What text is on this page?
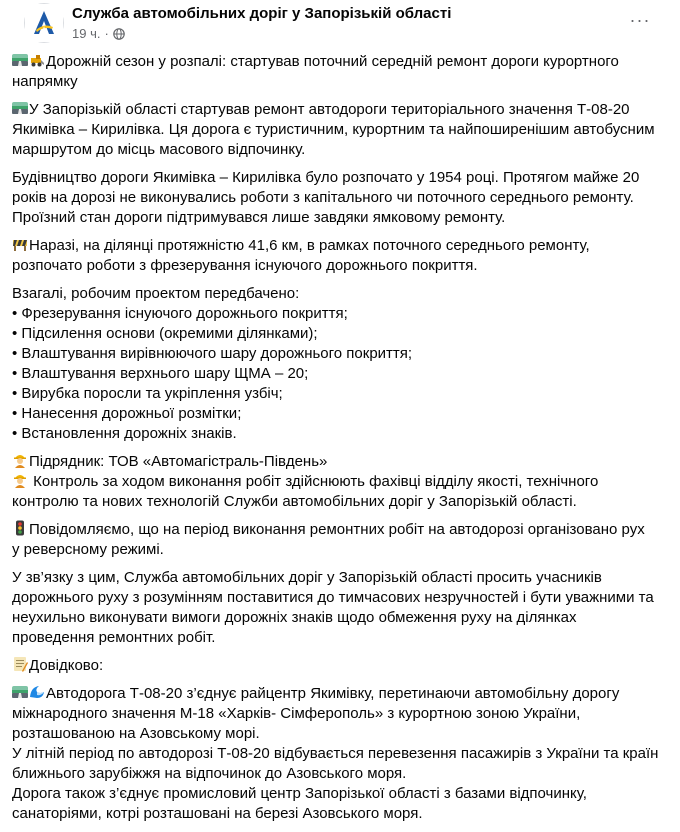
Служба автомобільних доріг у Запорізькій області
19 ч. ·
···
Дорожній сезон у розпалі: стартував поточний середній ремонт дороги курортного
напрямку
У Запорізькій області стартував ремонт автодороги територіального значення Т-08-20
Якимівка – Кирилівка. Ця дорога є туристичним, курортним та найпоширенішим автобусним
маршрутом до місць масового відпочинку.
Будівництво дороги Якимівка – Кирилівка було розпочато у 1954 році. Протягом майже 20
років на дорозі не виконувались роботи з капітального чи поточного середнього ремонту.
Проїзний стан дороги підтримувався лише завдяки ямковому ремонту.
Наразі, на ділянці протяжністю 41,6 км, в рамках поточного середнього ремонту,
розпочато роботи з фрезерування існуючого дорожнього покриття.
Взагалі, робочим проектом передбачено:
• Фрезерування існуючого дорожнього покриття;
• Підсилення основи (окремими ділянками);
• Влаштування вирівнюючого шару дорожнього покриття;
• Влаштування верхнього шару ЩМА – 20;
• Вирубка поросли та укріплення узбіч;
• Нанесення дорожньої розмітки;
• Встановлення дорожніх знаків.
Підрядник: ТОВ «Автомагістраль-Південь»
Контроль за ходом виконання робіт здійснюють фахівці відділу якості, технічного
контролю та нових технологій Служби автомобільних доріг у Запорізькій області.
Повідомляємо, що на період виконання ремонтних робіт на автодорозі організовано рух
у реверсному режимі.
У зв’язку з цим, Служба автомобільних доріг у Запорізькій області просить учасників
дорожнього руху з розумінням поставитися до тимчасових незручностей і бути уважними та
неухильно виконувати вимоги дорожніх знаків щодо обмеження руху на ділянках
проведення ремонтних робіт.
Довідково:
Автодорога Т-08-20 з’єднує райцентр Якимівку, перетинаючи автомобільну дорогу
міжнародного значення М-18 «Харків- Сімферополь» з курортною зоною України,
розташованою на Азовському морі.
У літній період по автодорозі Т-08-20 відбувається перевезення пасажирів з України та країн
ближнього зарубіжжя на відпочинок до Азовського моря.
Дорога також з’єднує промисловий центр Запорізької області з базами відпочинку,
санаторіями, котрі розташовані на березі Азовського моря.
